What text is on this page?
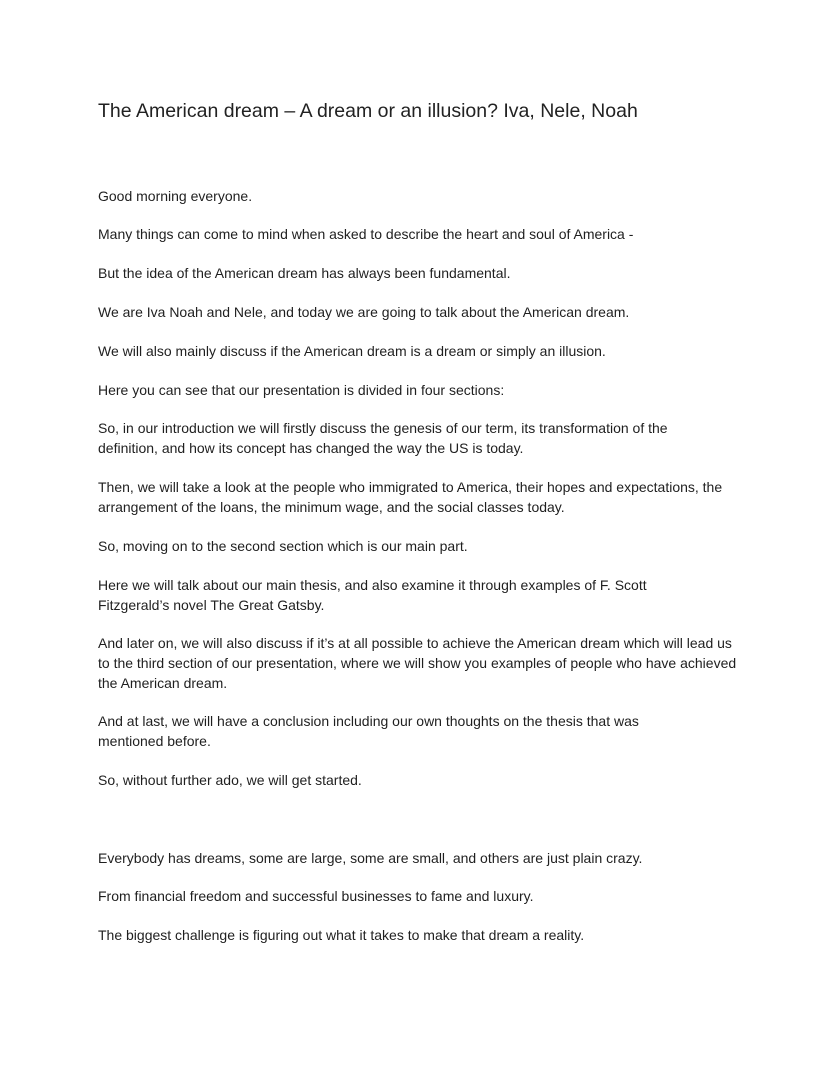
The American dream – A dream or an illusion? Iva, Nele, Noah

Good morning everyone.

Many things can come to mind when asked to describe the heart and soul of America -

But the idea of the American dream has always been fundamental.

We are Iva Noah and Nele, and today we are going to talk about the American dream.

We will also mainly discuss if the American dream is a dream or simply an illusion.

Here you can see that our presentation is divided in four sections:

So, in our introduction we will firstly discuss the genesis of our term, its transformation of the definition, and how its concept has changed the way the US is today.

Then, we will take a look at the people who immigrated to America, their hopes and expectations, the arrangement of the loans, the minimum wage, and the social classes today.

So, moving on to the second section which is our main part.

Here we will talk about our main thesis, and also examine it through examples of F. Scott Fitzgerald’s novel The Great Gatsby.

And later on, we will also discuss if it’s at all possible to achieve the American dream which will lead us to the third section of our presentation, where we will show you examples of people who have achieved the American dream.

And at last, we will have a conclusion including our own thoughts on the thesis that was mentioned before.

So, without further ado, we will get started.

Everybody has dreams, some are large, some are small, and others are just plain crazy.

From financial freedom and successful businesses to fame and luxury.

The biggest challenge is figuring out what it takes to make that dream a reality.
